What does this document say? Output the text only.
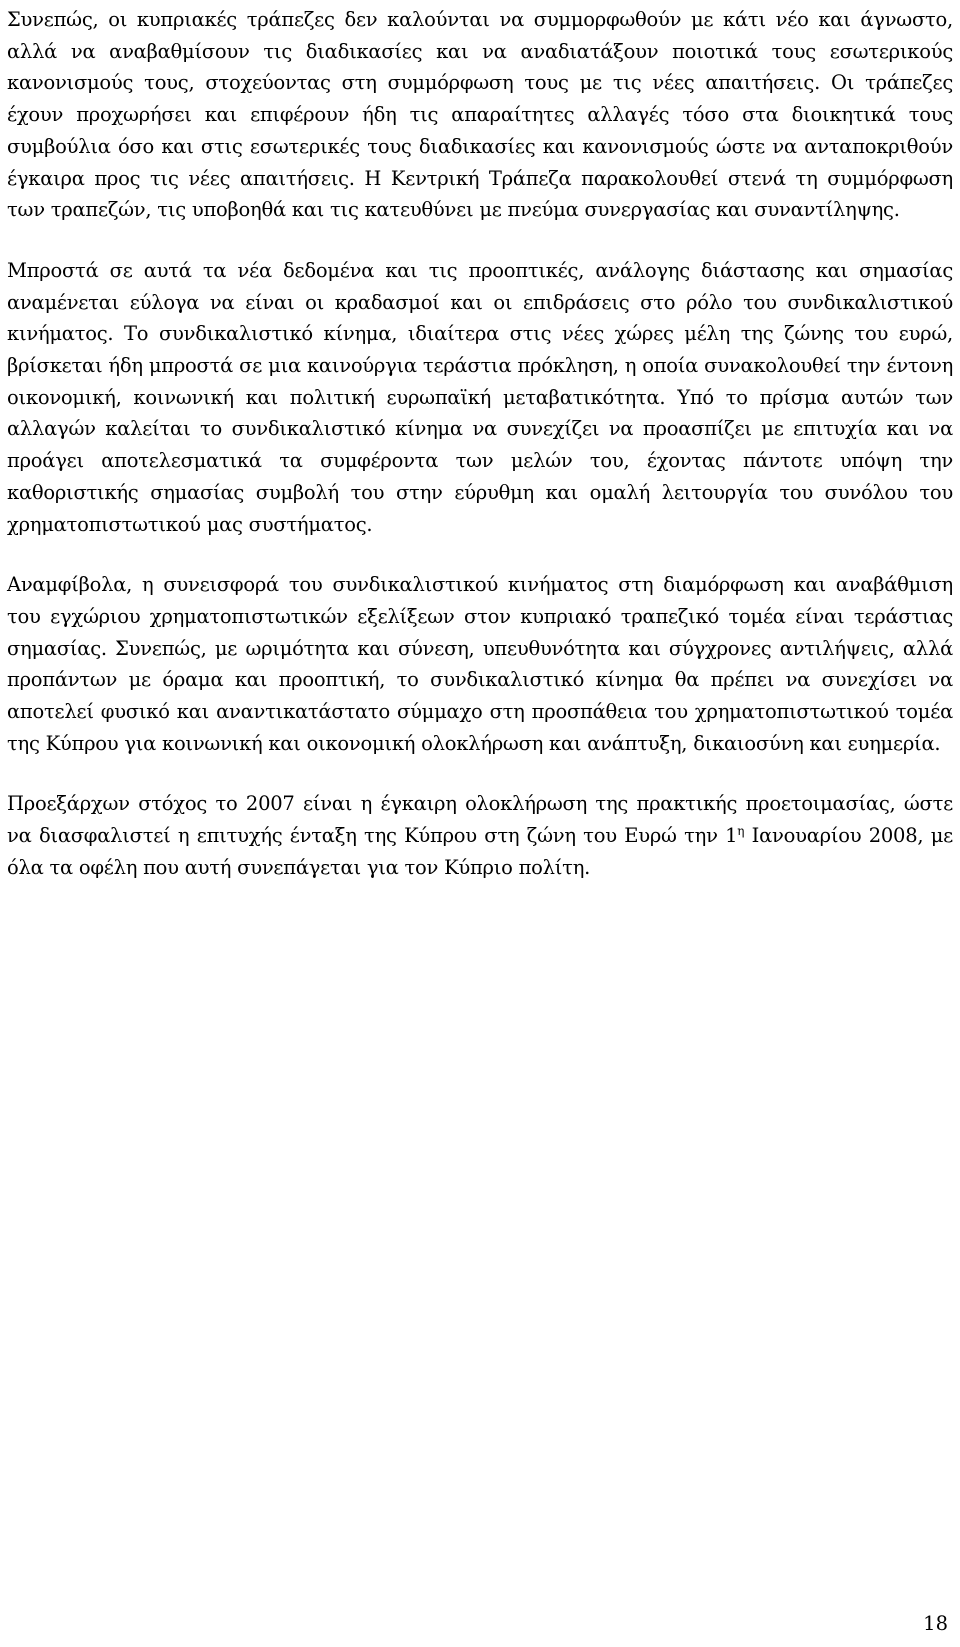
Συνεπώς, οι κυπριακές τράπεζες δεν καλούνται να συμμορφωθούν με κάτι νέο και άγνωστο, αλλά να αναβαθμίσουν τις διαδικασίες και να αναδιατάξουν ποιοτικά τους εσωτερικούς κανονισμούς τους, στοχεύοντας στη συμμόρφωση τους με τις νέες απαιτήσεις. Οι τράπεζες έχουν προχωρήσει και επιφέρουν ήδη τις απαραίτητες αλλαγές τόσο στα διοικητικά τους συμβούλια όσο και στις εσωτερικές τους διαδικασίες και κανονισμούς ώστε να ανταποκριθούν έγκαιρα προς τις νέες απαιτήσεις. Η Κεντρική Τράπεζα παρακολουθεί στενά τη συμμόρφωση των τραπεζών, τις υποβοηθά και τις κατευθύνει με πνεύμα συνεργασίας και συναντίληψης.

Μπροστά σε αυτά τα νέα δεδομένα και τις προοπτικές, ανάλογης διάστασης και σημασίας αναμένεται εύλογα να είναι οι κραδασμοί και οι επιδράσεις στο ρόλο του συνδικαλιστικού κινήματος. Το συνδικαλιστικό κίνημα, ιδιαίτερα στις νέες χώρες μέλη της ζώνης του ευρώ, βρίσκεται ήδη μπροστά σε μια καινούργια τεράστια πρόκληση, η οποία συνακολουθεί την έντονη οικονομική, κοινωνική και πολιτική ευρωπαϊκή μεταβατικότητα. Υπό το πρίσμα αυτών των αλλαγών καλείται το συνδικαλιστικό κίνημα να συνεχίζει να προασπίζει με επιτυχία και να προάγει αποτελεσματικά τα συμφέροντα των μελών του, έχοντας πάντοτε υπόψη την καθοριστικής σημασίας συμβολή του στην εύρυθμη και ομαλή λειτουργία του συνόλου του χρηματοπιστωτικού μας συστήματος.

Αναμφίβολα, η συνεισφορά του συνδικαλιστικού κινήματος στη διαμόρφωση και αναβάθμιση του εγχώριου χρηματοπιστωτικών εξελίξεων στον κυπριακό τραπεζικό τομέα είναι τεράστιας σημασίας. Συνεπώς, με ωριμότητα και σύνεση, υπευθυνότητα και σύγχρονες αντιλήψεις, αλλά προπάντων με όραμα και προοπτική, το συνδικαλιστικό κίνημα θα πρέπει να συνεχίσει να αποτελεί φυσικό και αναντικατάστατο σύμμαχο στη προσπάθεια του χρηματοπιστωτικού τομέα της Κύπρου για κοινωνική και οικονομική ολοκλήρωση και ανάπτυξη, δικαιοσύνη και ευημερία.

Προεξάρχων στόχος το 2007 είναι η έγκαιρη ολοκλήρωση της πρακτικής προετοιμασίας, ώστε να διασφαλιστεί η επιτυχής ένταξη της Κύπρου στη ζώνη του Ευρώ την $1^\eta$ Ιανουαρίου 2008, με όλα τα οφέλη που αυτή συνεπάγεται για τον Κύπριο πολίτη.

18
